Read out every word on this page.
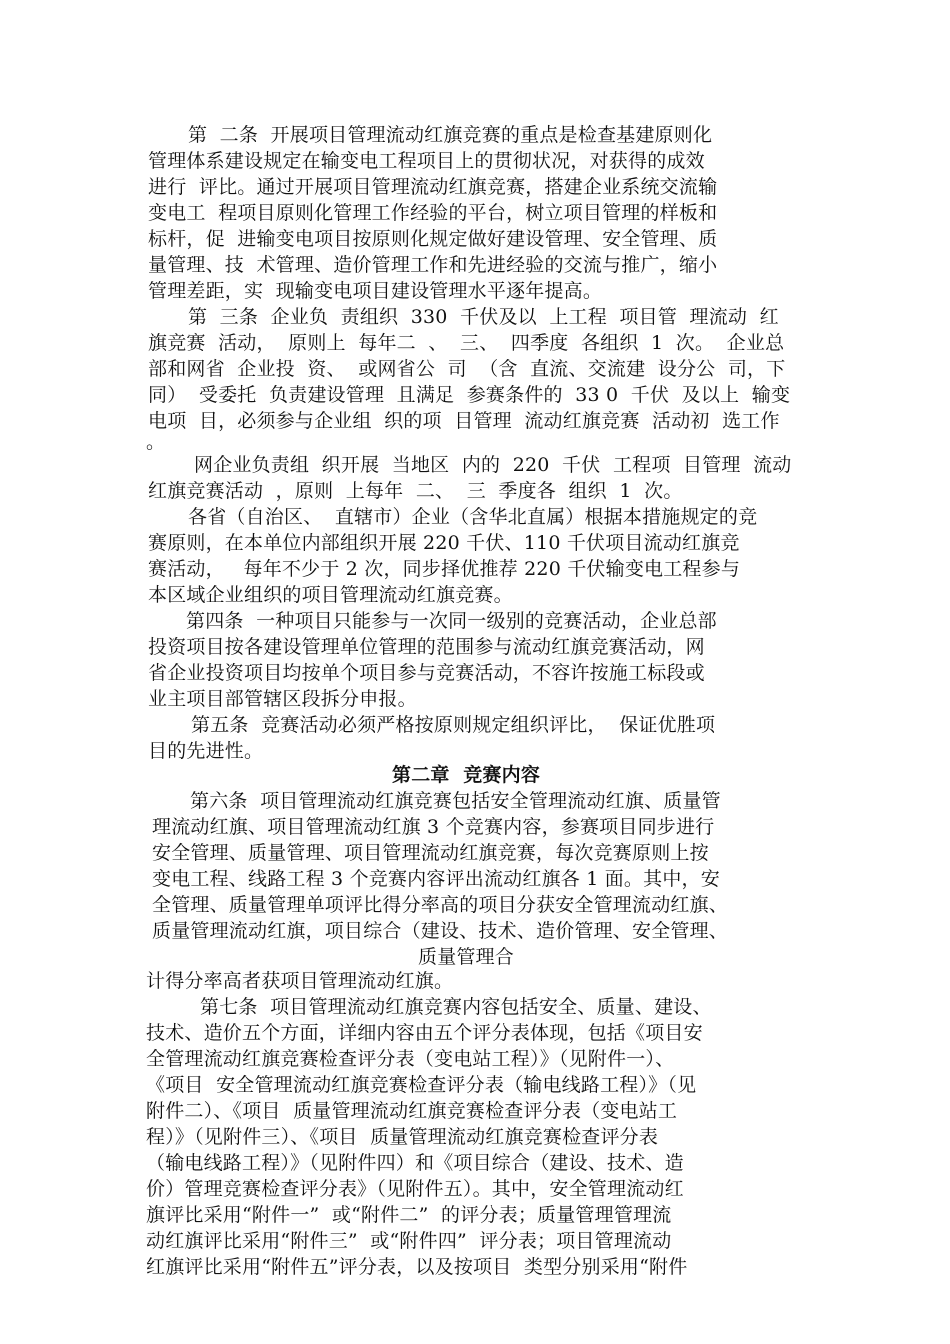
第  二条  开展项目管理流动红旗竞赛的重点是检查基建原则化
管理体系建设规定在输变电工程项目上的贯彻状况，对获得的成效
进行  评比。通过开展项目管理流动红旗竞赛，搭建企业系统交流输
变电工  程项目原则化管理工作经验的平台，树立项目管理的样板和
标杆，促  进输变电项目按原则化规定做好建设管理、安全管理、质
量管理、技  术管理、造价管理工作和先进经验的交流与推广，缩小
管理差距，实  现输变电项目建设管理水平逐年提高。
第  三条  企业负  责组织  330  千伏及以  上工程  项目管  理流动  红
旗竞赛  活动，  原则上  每年二  、  三、  四季度  各组织  1  次。  企业总
部和网省  企业投  资、  或网省公  司  （含  直流、交流建  设分公  司，下
同）  受委托  负责建设管理  且满足  参赛条件的  33 0  千伏  及以上  输变
电项  目，必须参与企业组  织的项  目管理  流动红旗竞赛  活动初  选工作
。
网企业负责组  织开展  当地区  内的  220  千伏  工程项  目管理  流动
红旗竞赛活动  ，原则  上每年  二、  三  季度各  组织  1  次。
各省（自治区、  直辖市）企业（含华北直属）根据本措施规定的竞
赛原则，在本单位内部组织开展 220 千伏、110 千伏项目流动红旗竞
赛活动，   每年不少于 2 次，同步择优推荐 220 千伏输变电工程参与
本区域企业组织的项目管理流动红旗竞赛。
第四条  一种项目只能参与一次同一级别的竞赛活动，企业总部
投资项目按各建设管理单位管理的范围参与流动红旗竞赛活动，网
省企业投资项目均按单个项目参与竞赛活动，不容许按施工标段或
业主项目部管辖区段拆分申报。
第五条  竞赛活动必须严格按原则规定组织评比，  保证优胜项
目的先进性。
第二章  竞赛内容
第六条  项目管理流动红旗竞赛包括安全管理流动红旗、质量管
理流动红旗、项目管理流动红旗 3 个竞赛内容，参赛项目同步进行
安全管理、质量管理、项目管理流动红旗竞赛，每次竞赛原则上按
变电工程、线路工程 3 个竞赛内容评出流动红旗各 1 面。其中，安
全管理、质量管理单项评比得分率高的项目分获安全管理流动红旗、
质量管理流动红旗，项目综合（建设、技术、造价管理、安全管理、
质量管理合
计得分率高者获项目管理流动红旗。
第七条  项目管理流动红旗竞赛内容包括安全、质量、建设、
技术、造价五个方面，详细内容由五个评分表体现，包括《项目安
全管理流动红旗竞赛检查评分表（变电站工程）》（见附件一）、
《项目  安全管理流动红旗竞赛检查评分表（输电线路工程）》（见
附件二）、《项目  质量管理流动红旗竞赛检查评分表（变电站工
程）》（见附件三）、《项目  质量管理流动红旗竞赛检查评分表
（输电线路工程）》（见附件四）和《项目综合（建设、技术、造
价）管理竞赛检查评分表》（见附件五）。其中，安全管理流动红
旗评比采用“附件一”  或“附件二”  的评分表；质量管理管理流
动红旗评比采用“附件三”  或“附件四”  评分表；项目管理流动
红旗评比采用“附件五”评分表，以及按项目  类型分别采用“附件
